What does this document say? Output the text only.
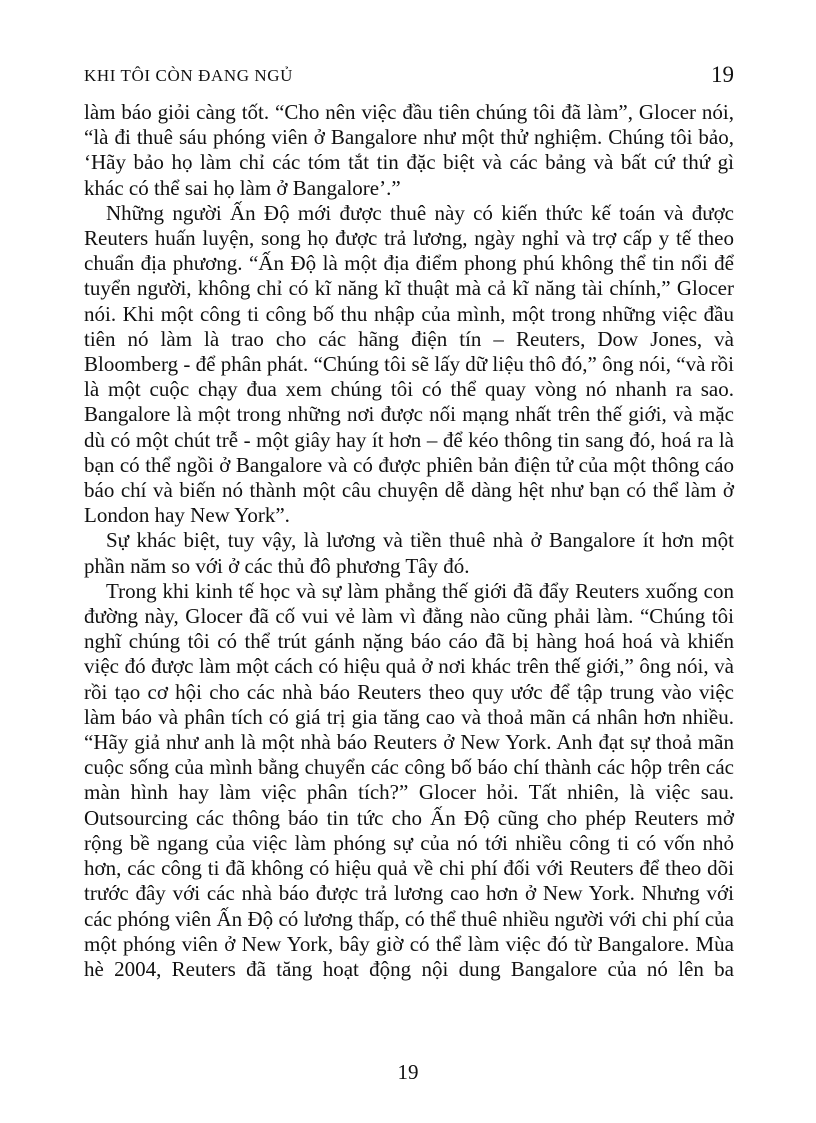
KHI TÔI CÒN ĐANG NGỦ	19

làm báo giỏi càng tốt. “Cho nên việc đầu tiên chúng tôi đã làm”, Glocer nói, “là đi thuê sáu phóng viên ở Bangalore như một thử nghiệm. Chúng tôi bảo, ‘Hãy bảo họ làm chỉ các tóm tắt tin đặc biệt và các bảng và bất cứ thứ gì khác có thể sai họ làm ở Bangalore’.”

Những người Ấn Độ mới được thuê này có kiến thức kế toán và được Reuters huấn luyện, song họ được trả lương, ngày nghỉ và trợ cấp y tế theo chuẩn địa phương. “Ấn Độ là một địa điểm phong phú không thể tin nổi để tuyển người, không chỉ có kĩ năng kĩ thuật mà cả kĩ năng tài chính,” Glocer nói. Khi một công ti công bố thu nhập của mình, một trong những việc đầu tiên nó làm là trao cho các hãng điện tín – Reuters, Dow Jones, và Bloomberg - để phân phát. “Chúng tôi sẽ lấy dữ liệu thô đó,” ông nói, “và rồi là một cuộc chạy đua xem chúng tôi có thể quay vòng nó nhanh ra sao. Bangalore là một trong những nơi được nối mạng nhất trên thế giới, và mặc dù có một chút trễ - một giây hay ít hơn – để kéo thông tin sang đó, hoá ra là bạn có thể ngồi ở Bangalore và có được phiên bản điện tử của một thông cáo báo chí và biến nó thành một câu chuyện dễ dàng hệt như bạn có thể làm ở London hay New York”.

Sự khác biệt, tuy vậy, là lương và tiền thuê nhà ở Bangalore ít hơn một phần năm so với ở các thủ đô phương Tây đó.

Trong khi kinh tế học và sự làm phẳng thế giới đã đẩy Reuters xuống con đường này, Glocer đã cố vui vẻ làm vì đằng nào cũng phải làm. “Chúng tôi nghĩ chúng tôi có thể trút gánh nặng báo cáo đã bị hàng hoá hoá và khiến việc đó được làm một cách có hiệu quả ở nơi khác trên thế giới,” ông nói, và rồi tạo cơ hội cho các nhà báo Reuters theo quy ước để tập trung vào việc làm báo và phân tích có giá trị gia tăng cao và thoả mãn cá nhân hơn nhiều. “Hãy giả như anh là một nhà báo Reuters ở New York. Anh đạt sự thoả mãn cuộc sống của mình bằng chuyển các công bố báo chí thành các hộp trên các màn hình hay làm việc phân tích?” Glocer hỏi. Tất nhiên, là việc sau. Outsourcing các thông báo tin tức cho Ấn Độ cũng cho phép Reuters mở rộng bề ngang của việc làm phóng sự của nó tới nhiều công ti có vốn nhỏ hơn, các công ti đã không có hiệu quả về chi phí đối với Reuters để theo dõi trước đây với các nhà báo được trả lương cao hơn ở New York. Nhưng với các phóng viên Ấn Độ có lương thấp, có thể thuê nhiều người với chi phí của một phóng viên ở New York, bây giờ có thể làm việc đó từ Bangalore. Mùa hè 2004, Reuters đã tăng hoạt động nội dung Bangalore của nó lên ba

19
